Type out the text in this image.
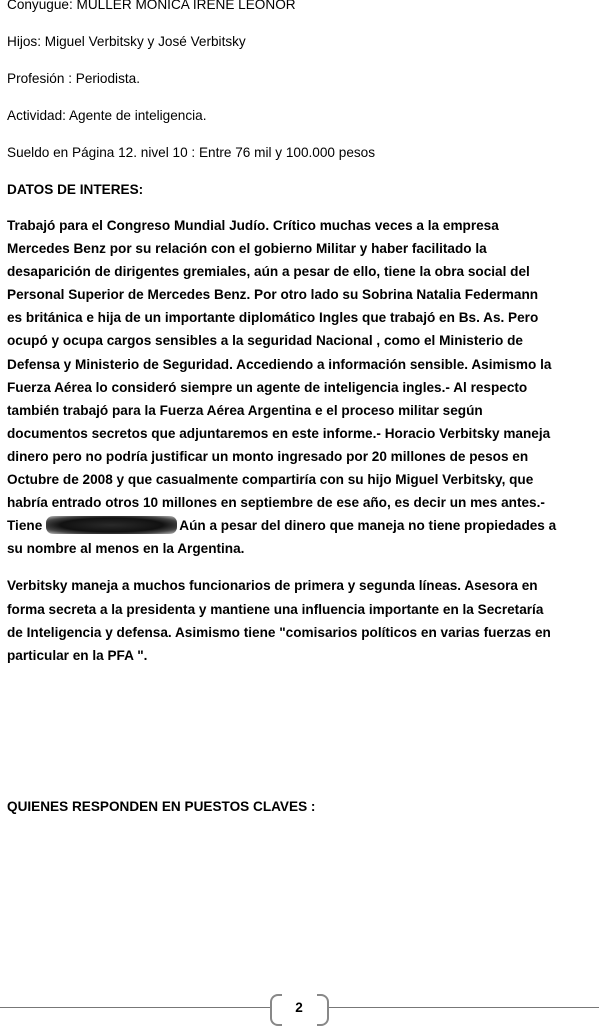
Conyugue: MULLER MONICA IRENE LEONOR

Hijos: Miguel Verbitsky y José Verbitsky

Profesión : Periodista.

Actividad: Agente de inteligencia.

Sueldo en Página 12. nivel 10 : Entre 76 mil y 100.000 pesos

DATOS DE INTERES:

Trabajó para el Congreso Mundial Judío. Crítico muchas veces a la empresa
Mercedes Benz por su relación con el gobierno Militar y haber facilitado la
desaparición de dirigentes gremiales, aún a pesar de ello, tiene la obra social del
Personal Superior de Mercedes Benz. Por otro lado su Sobrina Natalia Federmann
es británica e hija de un importante diplomático Ingles que trabajó en Bs. As. Pero
ocupó y ocupa cargos sensibles a la seguridad Nacional , como el Ministerio de
Defensa y Ministerio de Seguridad. Accediendo a información sensible. Asimismo la
Fuerza Aérea lo consideró siempre un agente de inteligencia ingles.- Al respecto
también trabajó para la Fuerza Aérea Argentina e el proceso militar según
documentos secretos que adjuntaremos en este informe.- Horacio Verbitsky maneja
dinero pero no podría justificar un monto ingresado por 20 millones de pesos en
Octubre de 2008 y que casualmente compartiría con su hijo Miguel Verbitsky, que
habría entrado otros 10 millones en septiembre de ese año, es decir un mes antes.-
Tiene	Aún a pesar del dinero que maneja no tiene propiedades a
su nombre al menos en la Argentina.
Verbitsky maneja a muchos funcionarios de primera y segunda líneas. Asesora en
forma secreta a la presidenta y mantiene una influencia importante en la Secretaría
de Inteligencia y defensa. Asimismo tiene "comisarios políticos en varias fuerzas en
particular en la PFA ".
QUIENES RESPONDEN EN PUESTOS CLAVES :
2
